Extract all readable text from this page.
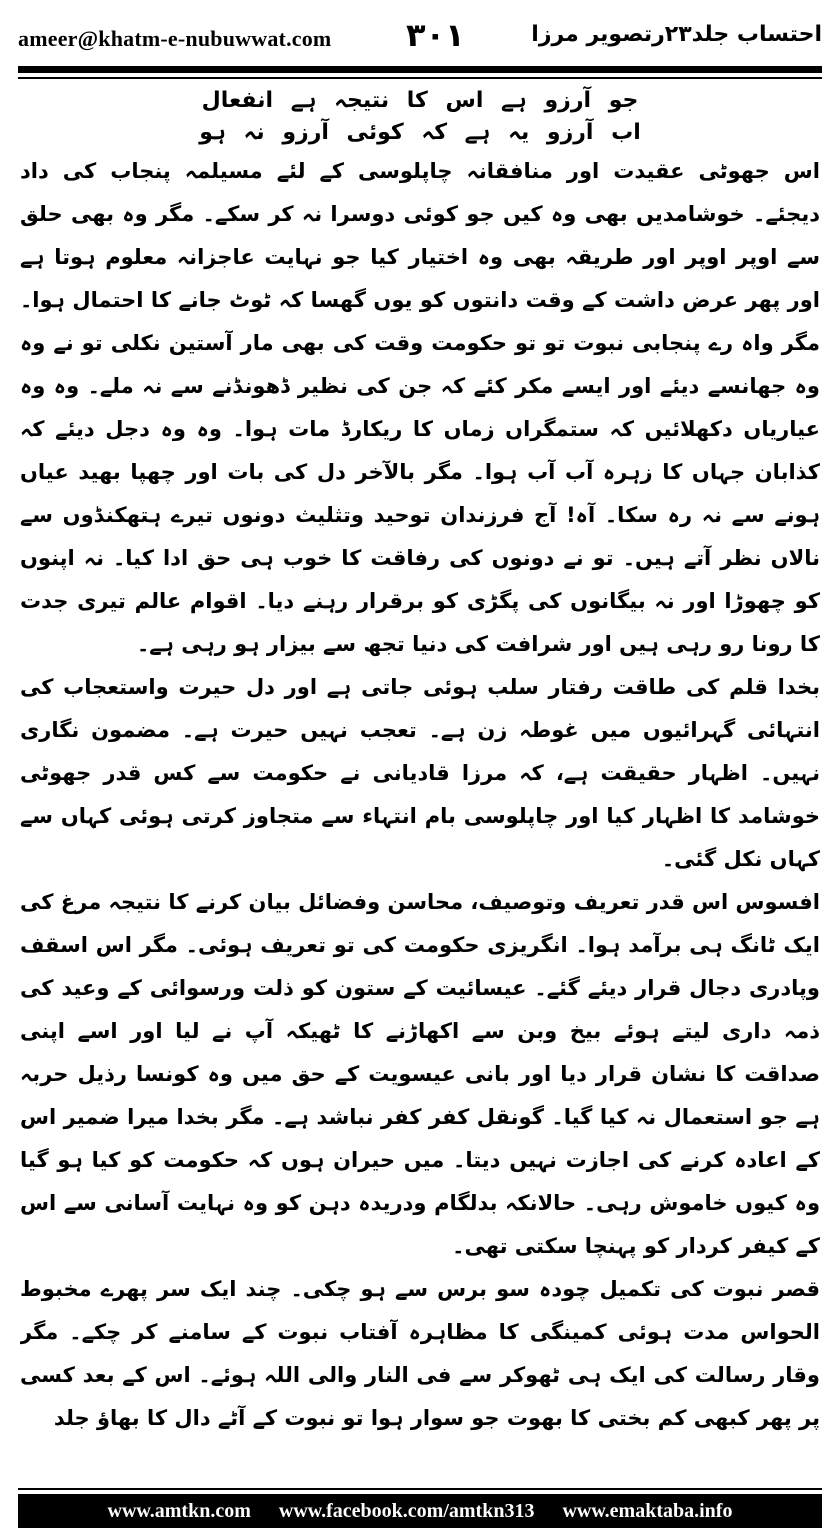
ameer@khatm-e-nubuwwat.com ۳۰۱	احتساب جلد۲۳رتصویر مرزا

جو آرزو ہے اس کا نتیجہ ہے انفعال

اب آرزو یہ ہے کہ کوئی آرزو نہ ہو

اس جھوٹی عقیدت اور منافقانہ چاپلوسی کے لئے مسیلمہ پنجاب کی داد دیجئے۔ خوشامدیں بھی وہ کیں جو کوئی دوسرا نہ کر سکے۔ مگر وہ بھی حلق سے اوپر اوپر اور طریقہ بھی وہ اختیار کیا جو نہایت عاجزانہ معلوم ہوتا ہے اور پھر عرض داشت کے وقت دانتوں کو یوں گھسا کہ ٹوٹ جانے کا احتمال ہوا۔ مگر واہ رے پنجابی نبوت تو تو حکومت وقت کی بھی مار آستین نکلی تو نے وہ وہ جھانسے دیئے اور ایسے مکر کئے کہ جن کی نظیر ڈھونڈنے سے نہ ملے۔ وہ وہ عیاریاں دکھلائیں کہ ستمگراں زماں کا ریکارڈ مات ہوا۔ وہ وہ دجل دیئے کہ کذابان جہاں کا زہرہ آب آب ہوا۔ مگر بالآخر دل کی بات اور چھپا بھید عیاں ہونے سے نہ رہ سکا۔ آہ! آج فرزندان توحید وتثلیث دونوں تیرے ہتھکنڈوں سے نالاں نظر آتے ہیں۔ تو نے دونوں کی رفاقت کا خوب ہی حق ادا کیا۔ نہ اپنوں کو چھوڑا اور نہ بیگانوں کی پگڑی کو برقرار رہنے دیا۔ اقوام عالم تیری جدت کا رونا رو رہی ہیں اور شرافت کی دنیا تجھ سے بیزار ہو رہی ہے۔

بخدا قلم کی طاقت رفتار سلب ہوئی جاتی ہے اور دل حیرت واستعجاب کی انتہائی گہرائیوں میں غوطہ زن ہے۔ تعجب نہیں حیرت ہے۔ مضمون نگاری نہیں۔ اظہار حقیقت ہے، کہ مرزا قادیانی نے حکومت سے کس قدر جھوٹی خوشامد کا اظہار کیا اور چاپلوسی بام انتہاء سے متجاوز کرتی ہوئی کہاں سے کہاں نکل گئی۔

افسوس اس قدر تعریف وتوصیف، محاسن وفضائل بیان کرنے کا نتیجہ مرغ کی ایک ٹانگ ہی برآمد ہوا۔ انگریزی حکومت کی تو تعریف ہوئی۔ مگر اس اسقف وپادری دجال قرار دیئے گئے۔ عیسائیت کے ستون کو ذلت ورسوائی کے وعید کی ذمہ داری لیتے ہوئے بیخ وبن سے اکھاڑنے کا ٹھیکہ آپ نے لیا اور اسے اپنی صداقت کا نشان قرار دیا اور بانی عیسویت کے حق میں وہ کونسا رذیل حربہ ہے جو استعمال نہ کیا گیا۔ گونقل کفر کفر نباشد ہے۔ مگر بخدا میرا ضمیر اس کے اعادہ کرنے کی اجازت نہیں دیتا۔ میں حیران ہوں کہ حکومت کو کیا ہو گیا وہ کیوں خاموش رہی۔ حالانکہ بدلگام ودریدہ دہن کو وہ نہایت آسانی سے اس کے کیفر کردار کو پہنچا سکتی تھی۔

قصر نبوت کی تکمیل چودہ سو برس سے ہو چکی۔ چند ایک سر پھرے مخبوط الحواس مدت ہوئی کمینگی کا مظاہرہ آفتاب نبوت کے سامنے کر چکے۔ مگر وقار رسالت کی ایک ہی ٹھوکر سے فی النار والی اللہ ہوئے۔ اس کے بعد کسی پر پھر کبھی کم بختی کا بھوت جو سوار ہوا تو نبوت کے آٹے دال کا بھاؤ جلد

www.amtkn.com www.facebook.com/amtkn313 www.emaktaba.info
